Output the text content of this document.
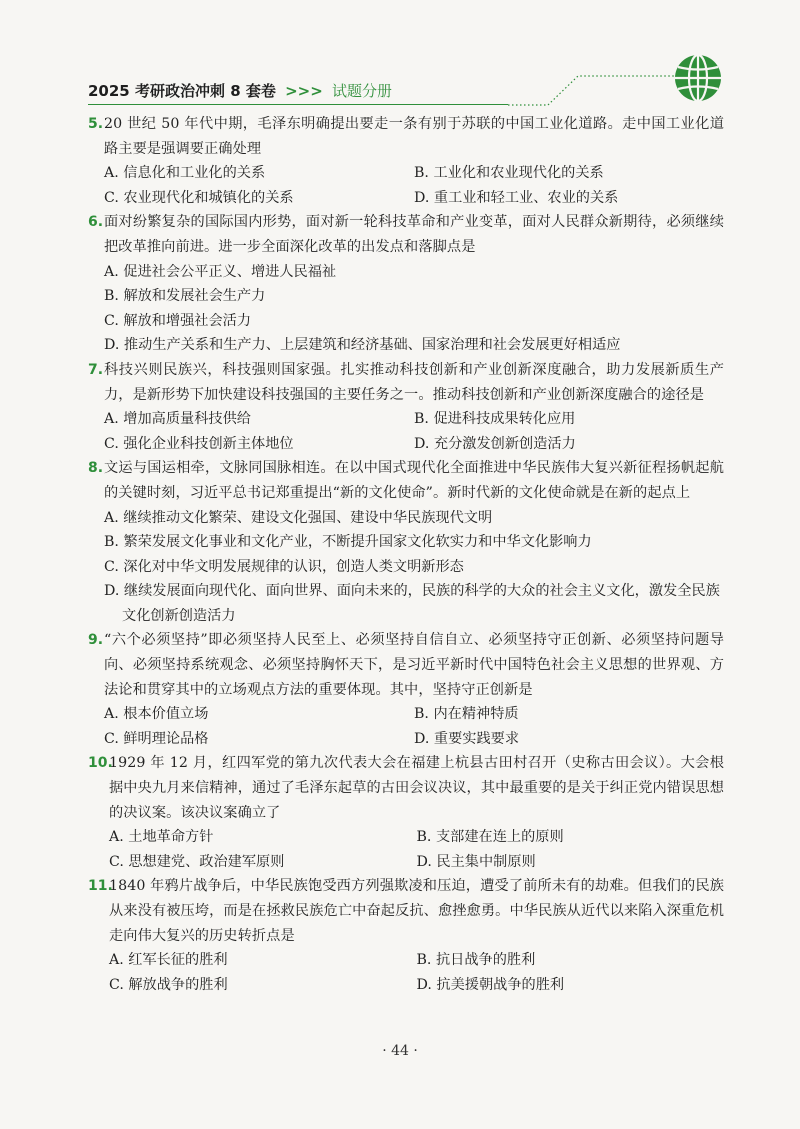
2025 考研政治冲刺 8 套卷 >>> 试题分册
5. 20 世纪 50 年代中期，毛泽东明确提出要走一条有别于苏联的中国工业化道路。走中国工业化道路主要是强调要正确处理
A. 信息化和工业化的关系	B. 工业化和农业现代化的关系
C. 农业现代化和城镇化的关系	D. 重工业和轻工业、农业的关系
6. 面对纷繁复杂的国际国内形势，面对新一轮科技革命和产业变革，面对人民群众新期待，必须继续把改革推向前进。进一步全面深化改革的出发点和落脚点是
A. 促进社会公平正义、增进人民福祉
B. 解放和发展社会生产力
C. 解放和增强社会活力
D. 推动生产关系和生产力、上层建筑和经济基础、国家治理和社会发展更好相适应
7. 科技兴则民族兴，科技强则国家强。扎实推动科技创新和产业创新深度融合，助力发展新质生产力，是新形势下加快建设科技强国的主要任务之一。推动科技创新和产业创新深度融合的途径是
A. 增加高质量科技供给	B. 促进科技成果转化应用
C. 强化企业科技创新主体地位	D. 充分激发创新创造活力
8. 文运与国运相牵，文脉同国脉相连。在以中国式现代化全面推进中华民族伟大复兴新征程扬帆起航的关键时刻，习近平总书记郑重提出“新的文化使命”。新时代新的文化使命就是在新的起点上
A. 继续推动文化繁荣、建设文化强国、建设中华民族现代文明
B. 繁荣发展文化事业和文化产业，不断提升国家文化软实力和中华文化影响力
C. 深化对中华文明发展规律的认识，创造人类文明新形态
D. 继续发展面向现代化、面向世界、面向未来的，民族的科学的大众的社会主义文化，激发全民族文化创新创造活力
9. “六个必须坚持”即必须坚持人民至上、必须坚持自信自立、必须坚持守正创新、必须坚持问题导向、必须坚持系统观念、必须坚持胸怀天下，是习近平新时代中国特色社会主义思想的世界观、方法论和贯穿其中的立场观点方法的重要体现。其中，坚持守正创新是
A. 根本价值立场	B. 内在精神特质
C. 鲜明理论品格	D. 重要实践要求
10.
1929 年 12 月，红四军党的第九次代表大会在福建上杭县古田村召开（史称古田会议）。大会根据中央九月来信精神，通过了毛泽东起草的古田会议决议，其中最重要的是关于纠正党内错误思想的决议案。该决议案确立了
A. 土地革命方针	B. 支部建在连上的原则
C. 思想建党、政治建军原则	D. 民主集中制原则
11.
1840 年鸦片战争后，中华民族饱受西方列强欺凌和压迫，遭受了前所未有的劫难。但我们的民族从来没有被压垮，而是在拯救民族危亡中奋起反抗、愈挫愈勇。中华民族从近代以来陷入深重危机走向伟大复兴的历史转折点是
A. 红军长征的胜利	B. 抗日战争的胜利
C. 解放战争的胜利	D. 抗美援朝战争的胜利
· 44 ·
